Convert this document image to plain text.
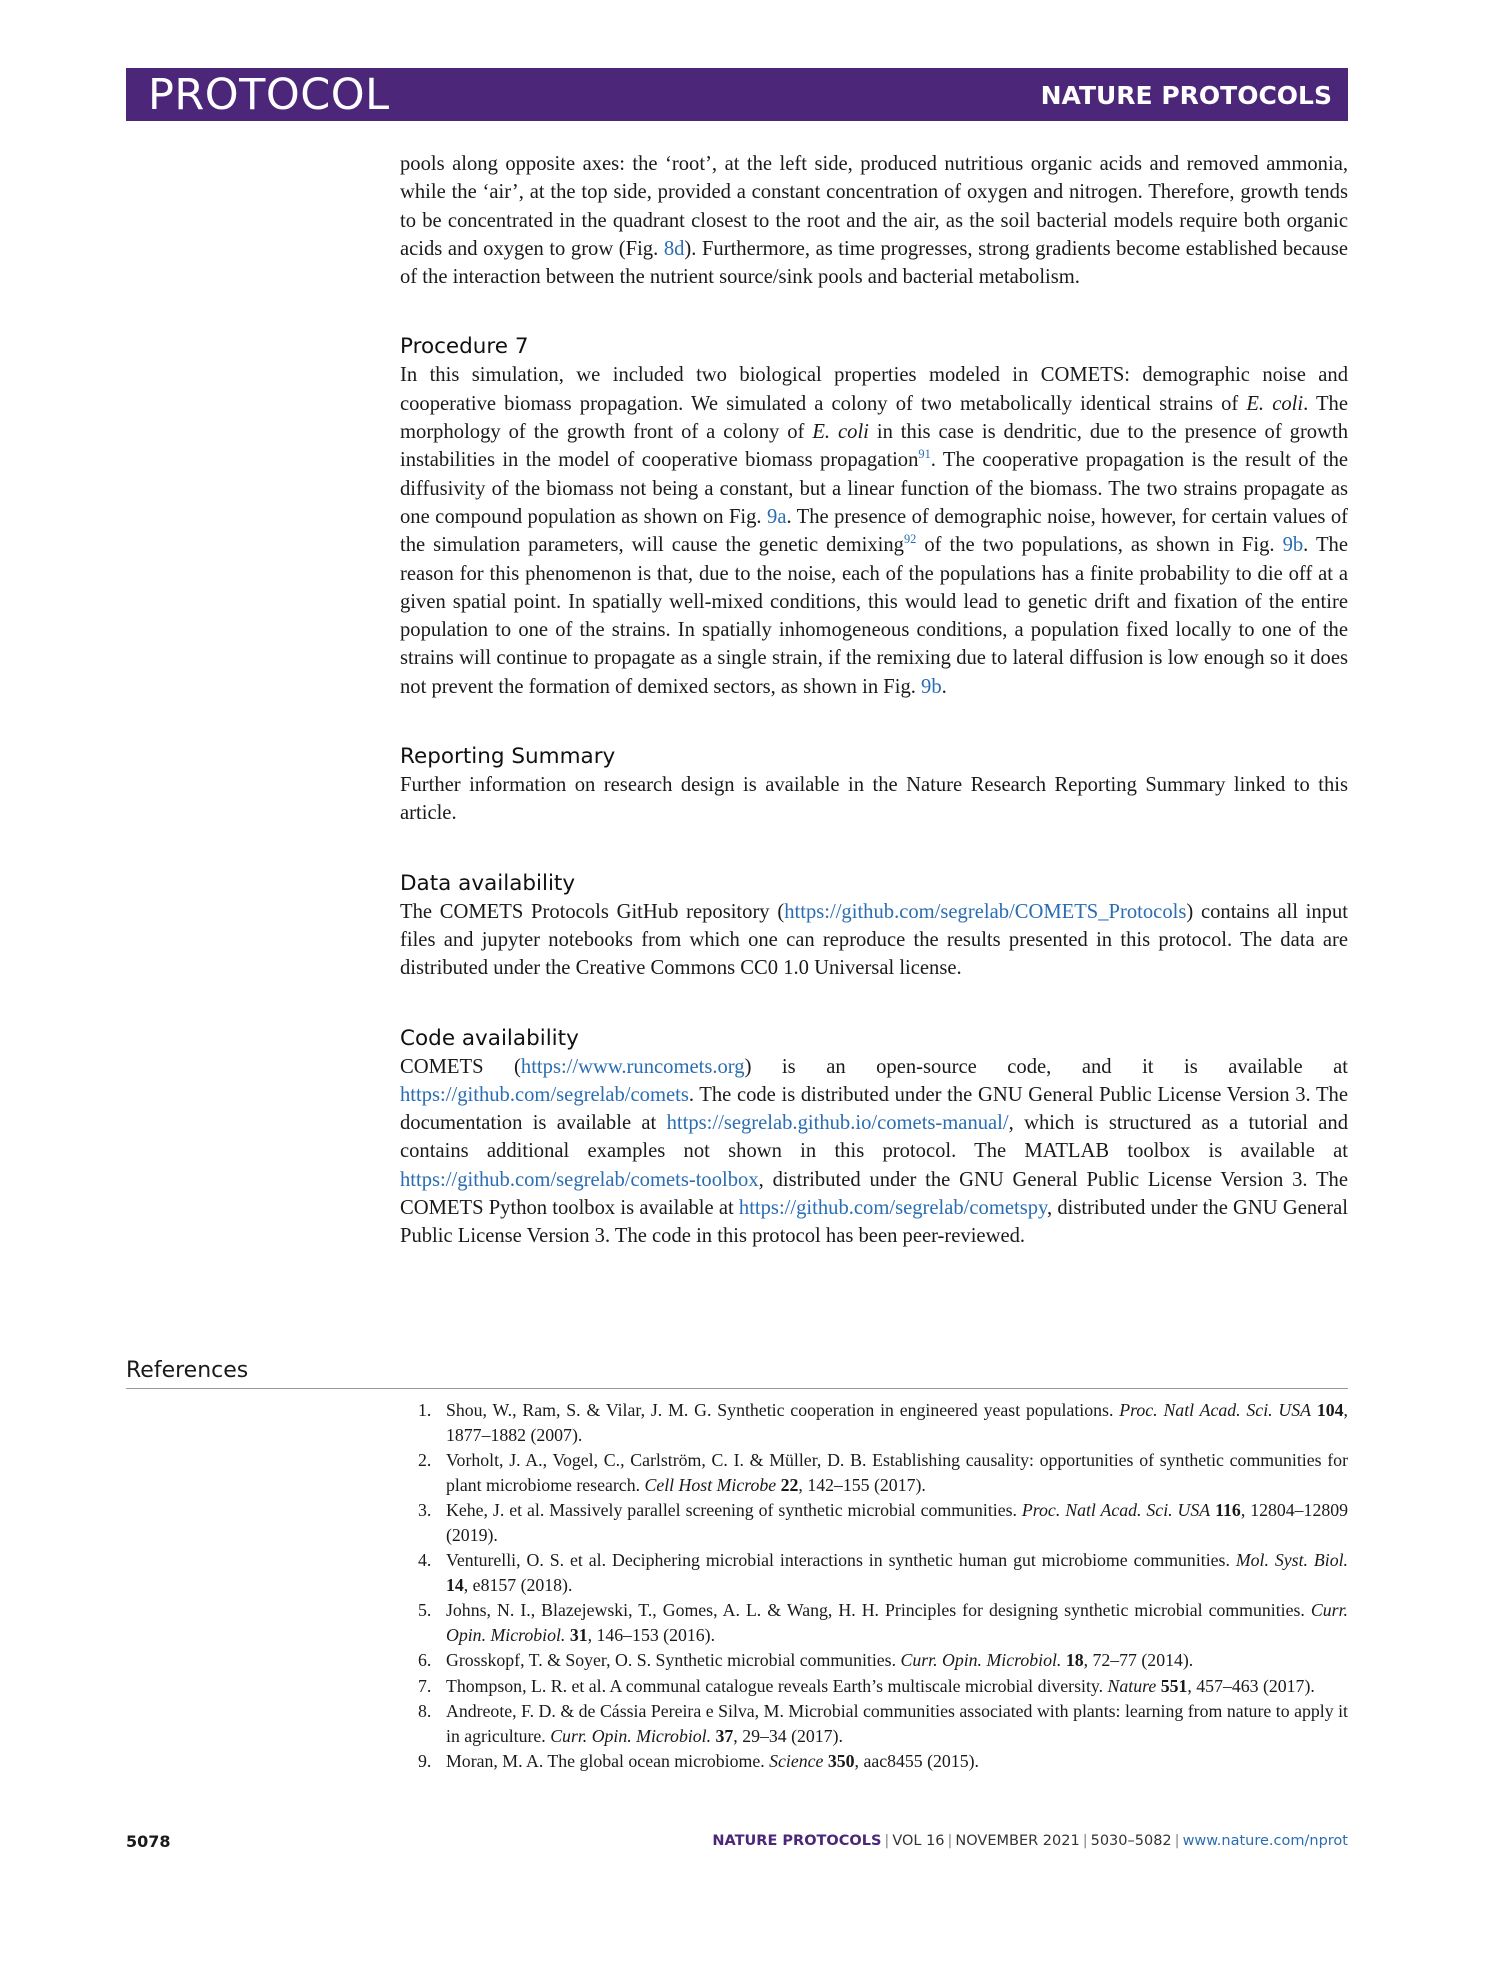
PROTOCOL	NATURE PROTOCOLS

pools along opposite axes: the ‘root’, at the left side, produced nutritious organic acids and removed ammonia, while the ‘air’, at the top side, provided a constant concentration of oxygen and nitrogen. Therefore, growth tends to be concentrated in the quadrant closest to the root and the air, as the soil bacterial models require both organic acids and oxygen to grow (Fig. 8d). Furthermore, as time progresses, strong gradients become established because of the interaction between the nutrient source/sink pools and bacterial metabolism.

Procedure 7

In this simulation, we included two biological properties modeled in COMETS: demographic noise and cooperative biomass propagation. We simulated a colony of two metabolically identical strains of E. coli. The morphology of the growth front of a colony of E. coli in this case is dendritic, due to the presence of growth instabilities in the model of cooperative biomass propagation$^{91}$. The cooperative propagation is the result of the diffusivity of the biomass not being a constant, but a linear function of the biomass. The two strains propagate as one compound population as shown on Fig. 9a. The presence of demographic noise, however, for certain values of the simulation parameters, will cause the genetic demixing$^{92}$ of the two populations, as shown in Fig. 9b. The reason for this phenomenon is that, due to the noise, each of the populations has a finite probability to die off at a given spatial point. In spatially well-mixed conditions, this would lead to genetic drift and fixation of the entire population to one of the strains. In spatially inhomogeneous conditions, a population fixed locally to one of the strains will continue to propagate as a single strain, if the remixing due to lateral diffusion is low enough so it does not prevent the formation of demixed sectors, as shown in Fig. 9b.

Reporting Summary

Further information on research design is available in the Nature Research Reporting Summary linked to this article.

Data availability

The COMETS Protocols GitHub repository (https://github.com/segrelab/COMETS_Protocols) contains all input files and jupyter notebooks from which one can reproduce the results presented in this protocol. The data are distributed under the Creative Commons CC0 1.0 Universal license.

Code availability

COMETS (https://www.runcomets.org) is an open-source code, and it is available at https://github.com/segrelab/comets. The code is distributed under the GNU General Public License Version 3. The documentation is available at https://segrelab.github.io/comets-manual/, which is structured as a tutorial and contains additional examples not shown in this protocol. The MATLAB toolbox is available at https://github.com/segrelab/comets-toolbox, distributed under the GNU General Public License Version 3. The COMETS Python toolbox is available at https://github.com/segrelab/cometspy, distributed under the GNU General Public License Version 3. The code in this protocol has been peer-reviewed.

References
1. Shou, W., Ram, S. & Vilar, J. M. G. Synthetic cooperation in engineered yeast populations. Proc. Natl Acad. Sci. USA 104, 1877–1882 (2007).
2. Vorholt, J. A., Vogel, C., Carlström, C. I. & Müller, D. B. Establishing causality: opportunities of synthetic communities for plant microbiome research. Cell Host Microbe 22, 142–155 (2017).
3. Kehe, J. et al. Massively parallel screening of synthetic microbial communities. Proc. Natl Acad. Sci. USA 116, 12804–12809 (2019).
4. Venturelli, O. S. et al. Deciphering microbial interactions in synthetic human gut microbiome communities. Mol. Syst. Biol. 14, e8157 (2018).
5. Johns, N. I., Blazejewski, T., Gomes, A. L. & Wang, H. H. Principles for designing synthetic microbial communities. Curr. Opin. Microbiol. 31, 146–153 (2016).
6. Grosskopf, T. & Soyer, O. S. Synthetic microbial communities. Curr. Opin. Microbiol. 18, 72–77 (2014).
7. Thompson, L. R. et al. A communal catalogue reveals Earth’s multiscale microbial diversity. Nature 551, 457–463 (2017).
8. Andreote, F. D. & de Cássia Pereira e Silva, M. Microbial communities associated with plants: learning from nature to apply it in agriculture. Curr. Opin. Microbiol. 37, 29–34 (2017).
9. Moran, M. A. The global ocean microbiome. Science 350, aac8455 (2015).
5078	NATURE PROTOCOLS | VOL 16 | NOVEMBER 2021 | 5030–5082 | www.nature.com/nprot
